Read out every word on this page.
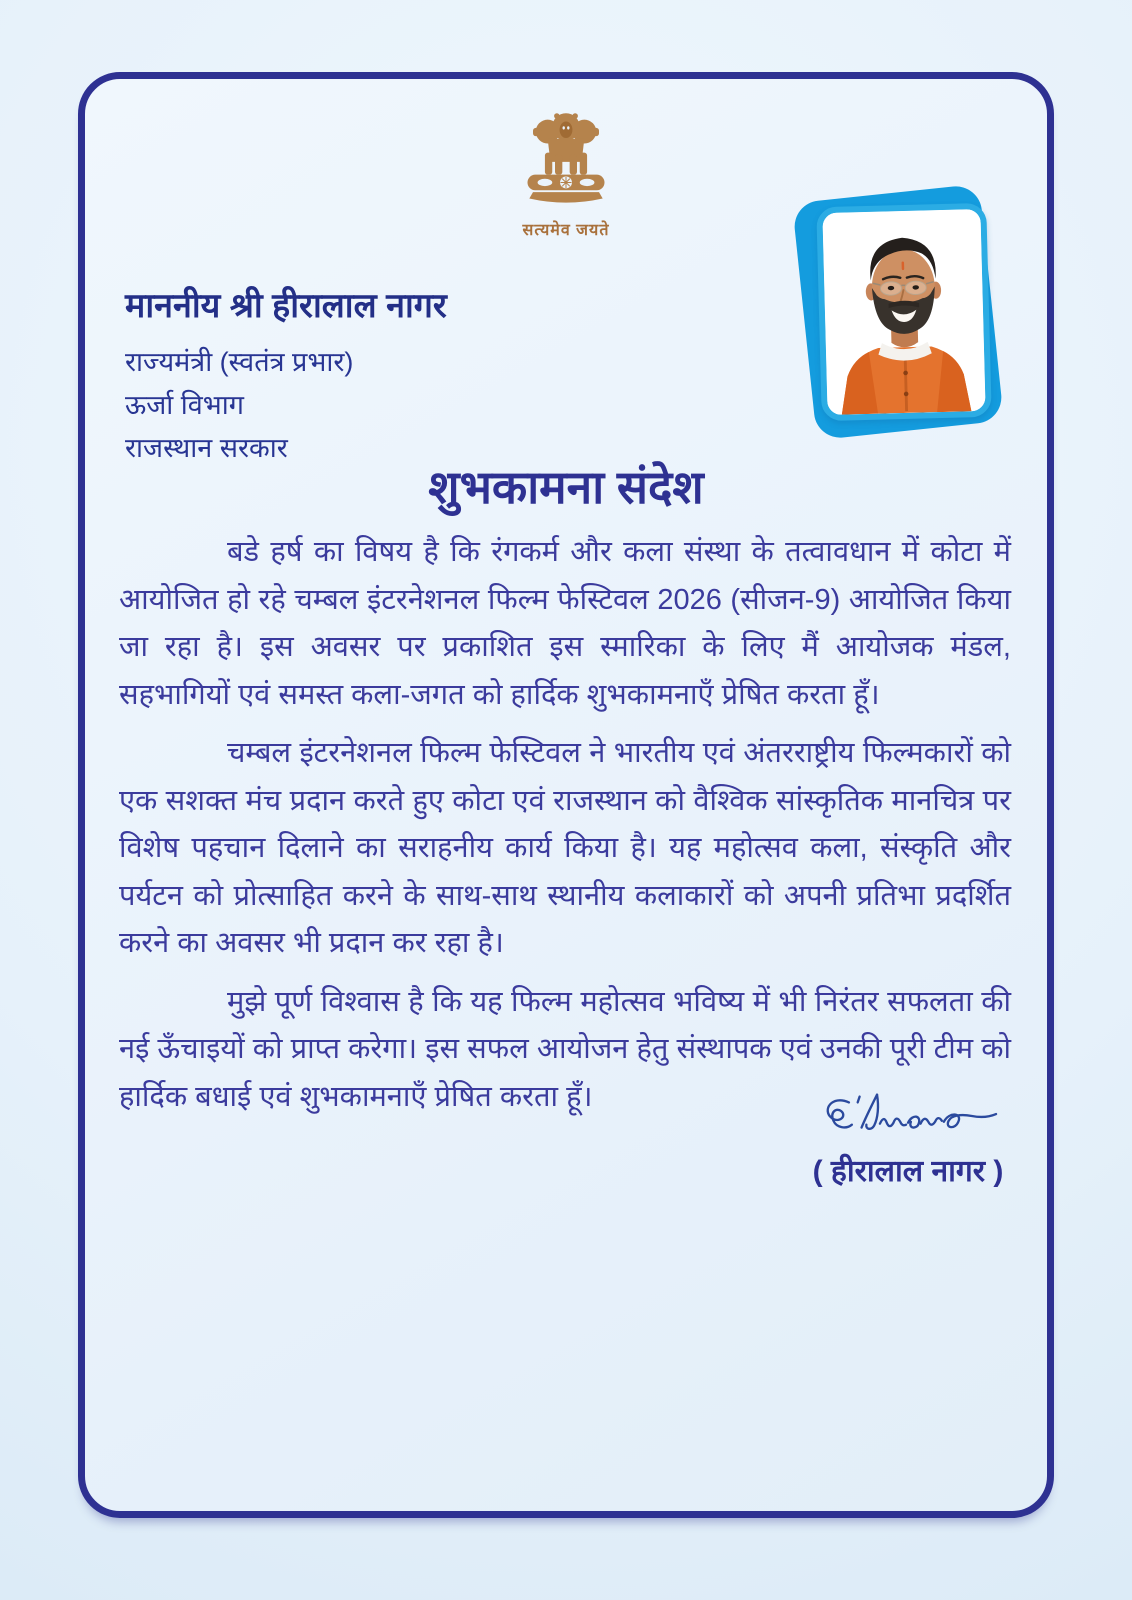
सत्यमेव जयते

माननीय श्री हीरालाल नागर

राज्यमंत्री (स्वतंत्र प्रभार)

ऊर्जा विभाग

राजस्थान सरकार

शुभकामना संदेश

बडे हर्ष का विषय है कि रंगकर्म और कला संस्था के तत्वावधान में कोटा में आयोजित हो रहे चम्बल इंटरनेशनल फिल्म फेस्टिवल 2026 (सीजन-9) आयोजित किया जा रहा है। इस अवसर पर प्रकाशित इस स्मारिका के लिए मैं आयोजक मंडल, सहभागियों एवं समस्त कला-जगत को हार्दिक शुभकामनाएँ प्रेषित करता हूँ।

चम्बल इंटरनेशनल फिल्म फेस्टिवल ने भारतीय एवं अंतरराष्ट्रीय फिल्मकारों को एक सशक्त मंच प्रदान करते हुए कोटा एवं राजस्थान को वैश्विक सांस्कृतिक मानचित्र पर विशेष पहचान दिलाने का सराहनीय कार्य किया है। यह महोत्सव कला, संस्कृति और पर्यटन को प्रोत्साहित करने के साथ-साथ स्थानीय कलाकारों को अपनी प्रतिभा प्रदर्शित करने का अवसर भी प्रदान कर रहा है।

मुझे पूर्ण विश्वास है कि यह फिल्म महोत्सव भविष्य में भी निरंतर सफलता की नई ऊँचाइयों को प्राप्त करेगा। इस सफल आयोजन हेतु संस्थापक एवं उनकी पूरी टीम को हार्दिक बधाई एवं शुभकामनाएँ प्रेषित करता हूँ।

( हीरालाल नागर )
